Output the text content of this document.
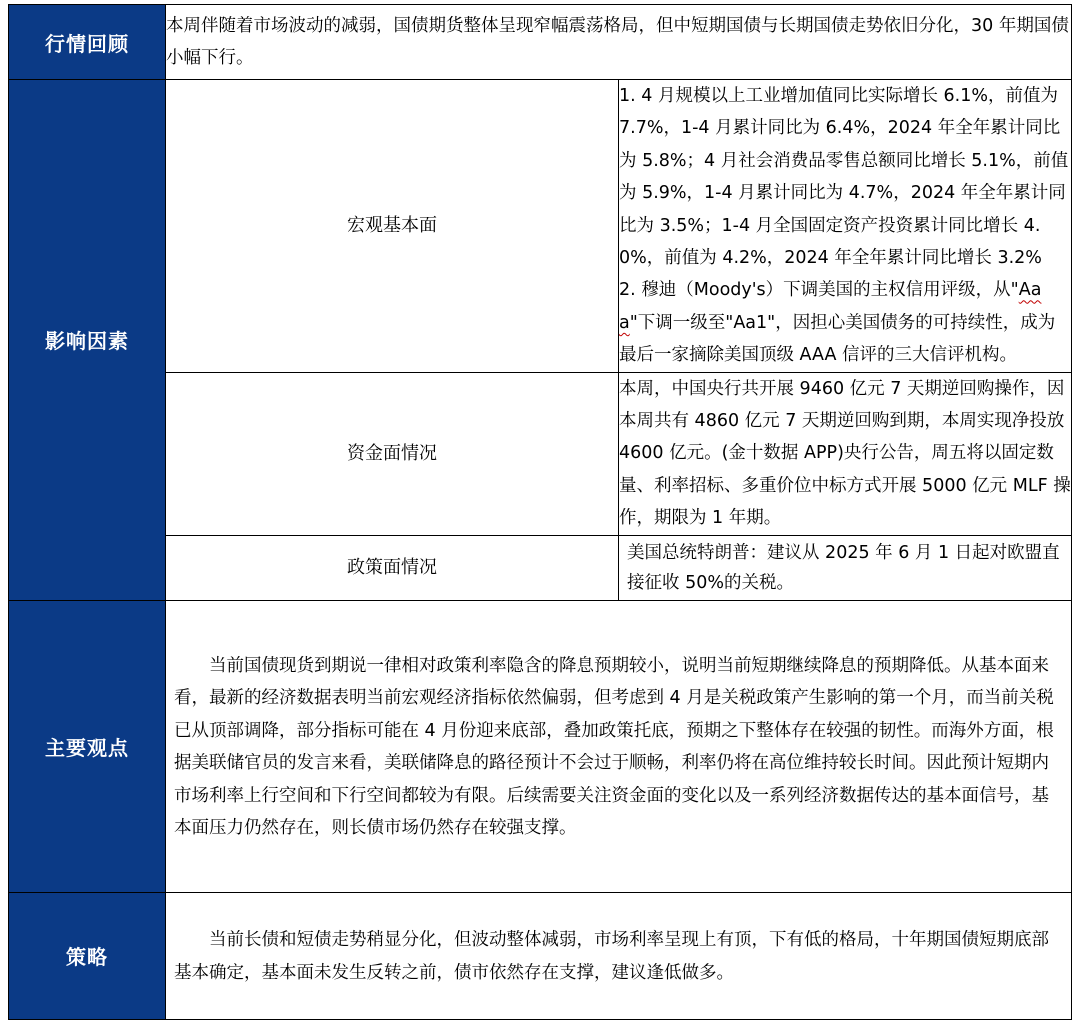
行情回顾	本周伴随着市场波动的减弱，国债期货整体呈现窄幅震荡格局，但中短期国债与长期国债走势依旧分化，30 年期国债小幅下行。	
影响因素	宏观基本面	1. 4 月规模以上工业增加值同比实际增长 6.1%，前值为 7.7%，1-4 月累计同比为 6.4%，2024 年全年累计同比为 5.8%；4 月社会消费品零售总额同比增长 5.1%，前值为 5.9%，1-4 月累计同比为 4.7%，2024 年全年累计同比为 3.5%；1-4 月全国固定资产投资累计同比增长 4.0%，前值为 4.2%，2024 年全年累计同比增长 3.2%
2. 穆迪（Moody's）下调美国的主权信用评级，从"Aaa"下调一级至"Aa1"，因担心美国债务的可持续性，成为最后一家摘除美国顶级 AAA 信评的三大信评机构。

	资金面情况	本周，中国央行共开展 9460 亿元 7 天期逆回购操作，因本周共有 4860 亿元 7 天期逆回购到期，本周实现净投放 4600 亿元。(金十数据 APP)央行公告，周五将以固定数量、利率招标、多重价位中标方式开展 5000 亿元 MLF 操作，期限为 1 年期。
	政策面情况	美国总统特朗普：建议从 2025 年 6 月 1 日起对欧盟直接征收 50%的关税。
主要观点	当前国债现货到期说一律相对政策利率隐含的降息预期较小，说明当前短期继续降息的预期降低。从基本面来看，最新的经济数据表明当前宏观经济指标依然偏弱，但考虑到 4 月是关税政策产生影响的第一个月，而当前关税已从顶部调降，部分指标可能在 4 月份迎来底部，叠加政策托底，预期之下整体存在较强的韧性。而海外方面，根据美联储官员的发言来看，美联储降息的路径预计不会过于顺畅，利率仍将在高位维持较长时间。因此预计短期内市场利率上行空间和下行空间都较为有限。后续需要关注资金面的变化以及一系列经济数据传达的基本面信号，基本面压力仍然存在，则长债市场仍然存在较强支撑。	
策略	当前长债和短债走势稍显分化，但波动整体减弱，市场利率呈现上有顶，下有低的格局，十年期国债短期底部基本确定，基本面未发生反转之前，债市依然存在支撑，建议逢低做多。	
